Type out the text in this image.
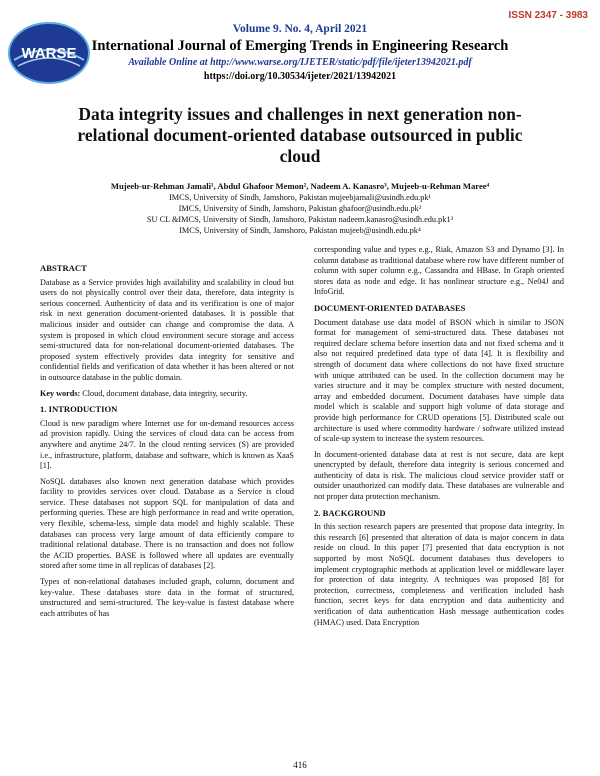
WARSE
ISSN 2347 - 3983
Volume 9. No. 4, April 2021
International Journal of Emerging Trends in Engineering Research
Available Online at http://www.warse.org/IJETER/static/pdf/file/ijeter13942021.pdf
https://doi.org/10.30534/ijeter/2021/13942021
Data integrity issues and challenges in next generation non-relational document-oriented database outsourced in public cloud
Mujeeb-ur-Rehman Jamali¹, Abdul Ghafoor Memon², Nadeem A. Kanasro³, Mujeeb-u-Rehman Maree⁴
IMCS, University of Sindh, Jamshoro, Pakistan mujeebjamali@usindh.edu.pk¹
IMCS, University of Sindh, Jamshoro, Pakistan ghafoor@usindh.edu.pk²
SU CL &IMCS, University of Sindh, Jamshoro, Pakistan nadeem.kanasro@usindh.edu.pk1³
IMCS, University of Sindh, Jamshoro, Pakistan mujeeb@usindh.edu.pk⁴
ABSTRACT

Database as a Service provides high availability and scalability in cloud but users do not physically control over their data, therefore, data integrity is serious concerned. Authenticity of data and its verification is one of major risk in next generation document-oriented databases. It is possible that malicious insider and outsider can change and compromise the data. A system is proposed in which cloud environment secure storage and access semi-structured data for non-relational document-oriented databases. The proposed system effectively provides data integrity for sensitive and confidential fields and verification of data whether it has been altered or not in outsource database in the public domain.

Key words: Cloud, document database, data integrity, security.

1. INTRODUCTION

Cloud is new paradigm where Internet use for on-demand resources access ad provision rapidly. Using the services of cloud data can be access from anywhere and anytime 24/7. In the cloud renting services (S) are provided i.e., infrastructure, platform, database and software, which is known as XaaS [1].

NoSQL databases also known next generation database which provides facility to provides services over cloud. Database as a Service is cloud service. These databases not support SQL for manipulation of data and performing queries. These are high performance in read and write operation, very flexible, schema-less, simple data model and highly scalable. These databases can process very large amount of data efficiently compare to traditional relational database. There is no transaction and does not follow the ACID properties. BASE is followed where all updates are eventually stored after some time in all replicas of databases [2].

Types of non-relational databases included graph, column, document and key-value. These databases store data in the format of structured, unstructured and semi-structured. The key-value is fastest database where each attributes of has

corresponding value and types e.g., Riak, Amazon S3 and Dynamo [3]. In column database as traditional database where row have different number of column with super column e.g., Cassandra and HBase. In Graph oriented stores data as node and edge. It has nonlinear structure e.g., Ne04J and InfoGrid.

DOCUMENT-ORIENTED DATABASES

Document database use data model of BSON which is similar to JSON format for management of semi-structured data. These databases not required declare schema before insertion data and not fixed schema and it also not required predefined data type of data [4]. It is flexibility and strength of document data where collections do not have fixed structure with unique attributed can be used. In the collection document may be varies structure and it may be complex structure with nested document, array and embedded document. Document databases have simple data model which is scalable and support high volume of data storage and provide high performance for CRUD operations [5]. Distributed scale out architecture is used where commodity hardware / software utilized instead of scale-up system to increase the system resources.

In document-oriented database data at rest is not secure, data are kept unencrypted by default, therefore data integrity is serious concerned and authenticity of data is risk. The malicious cloud service provider staff or outsider unauthorized can modify data. These databases are vulnerable and not proper data protection mechanism.

2. BACKGROUND

In this section research papers are presented that propose data integrity. In this research [6] presented that alteration of data is major concern in data reside on cloud. In this paper [7] presented that data encryption is not supported by most NoSQL document databases thus developers to implement cryptographic methods at application level or middleware layer for protection of data integrity. A techniques was proposed [8] for protection, correctness, completeness and verification included hash function, secret keys for data encryption and data authenticity and verification of data authentication Hash message authentication codes (HMAC) used. Data Encryption

416
